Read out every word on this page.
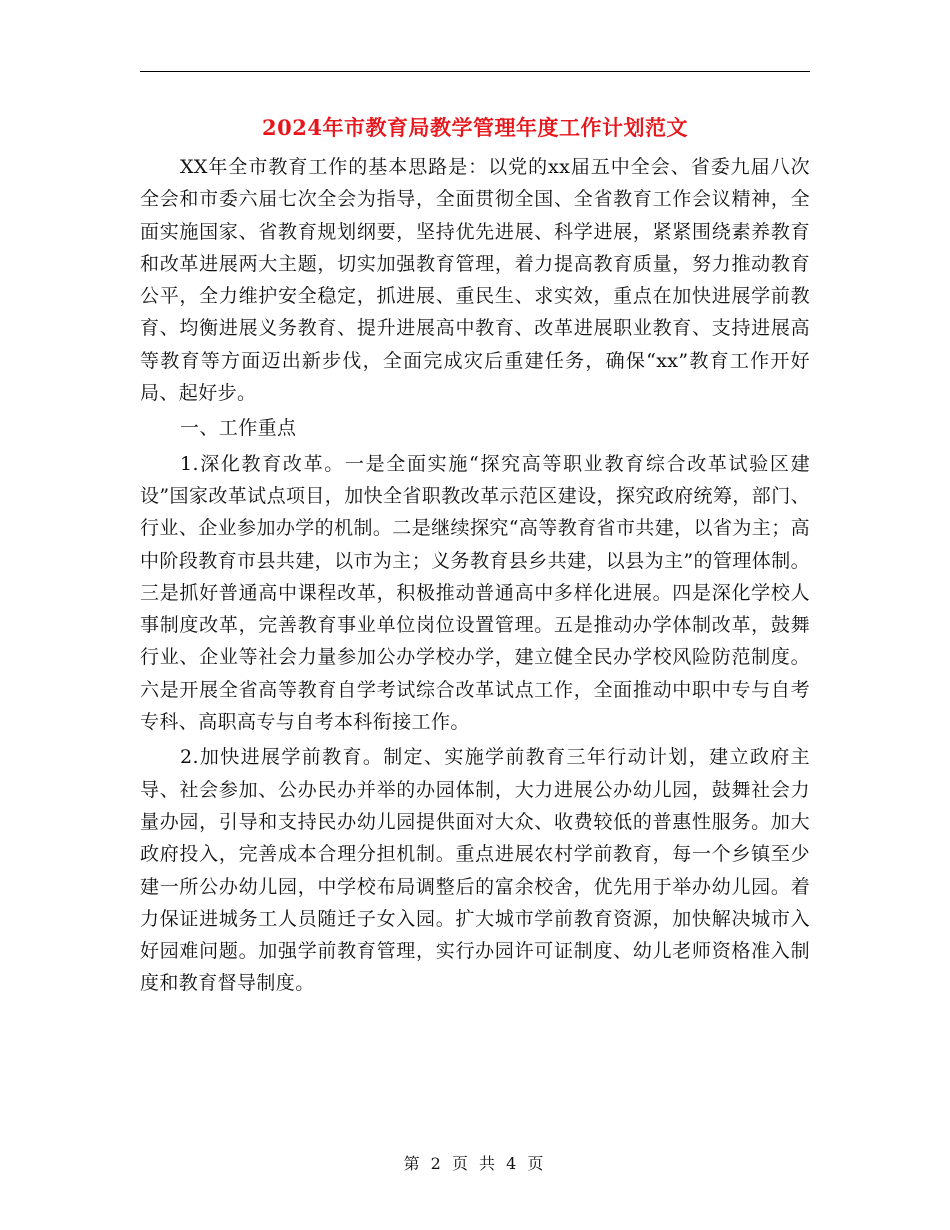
2024年市教育局教学管理年度工作计划范文

XX年全市教育工作的基本思路是：以党的xx届五中全会、省委九届八次全会和市委六届七次全会为指导，全面贯彻全国、全省教育工作会议精神，全面实施国家、省教育规划纲要，坚持优先进展、科学进展，紧紧围绕素养教育和改革进展两大主题，切实加强教育管理，着力提高教育质量，努力推动教育公平，全力维护安全稳定，抓进展、重民生、求实效，重点在加快进展学前教育、均衡进展义务教育、提升进展高中教育、改革进展职业教育、支持进展高等教育等方面迈出新步伐，全面完成灾后重建任务，确保“xx”教育工作开好局、起好步。

一、工作重点

1.深化教育改革。一是全面实施“探究高等职业教育综合改革试验区建设”国家改革试点项目，加快全省职教改革示范区建设，探究政府统筹，部门、行业、企业参加办学的机制。二是继续探究“高等教育省市共建，以省为主；高中阶段教育市县共建，以市为主；义务教育县乡共建，以县为主”的管理体制。三是抓好普通高中课程改革，积极推动普通高中多样化进展。四是深化学校人事制度改革，完善教育事业单位岗位设置管理。五是推动办学体制改革，鼓舞行业、企业等社会力量参加公办学校办学，建立健全民办学校风险防范制度。六是开展全省高等教育自学考试综合改革试点工作，全面推动中职中专与自考专科、高职高专与自考本科衔接工作。

2.加快进展学前教育。制定、实施学前教育三年行动计划，建立政府主导、社会参加、公办民办并举的办园体制，大力进展公办幼儿园，鼓舞社会力量办园，引导和支持民办幼儿园提供面对大众、收费较低的普惠性服务。加大政府投入，完善成本合理分担机制。重点进展农村学前教育，每一个乡镇至少建一所公办幼儿园，中学校布局调整后的富余校舍，优先用于举办幼儿园。着力保证进城务工人员随迁子女入园。扩大城市学前教育资源，加快解决城市入好园难问题。加强学前教育管理，实行办园许可证制度、幼儿老师资格准入制度和教育督导制度。

第 2 页 共 4 页
